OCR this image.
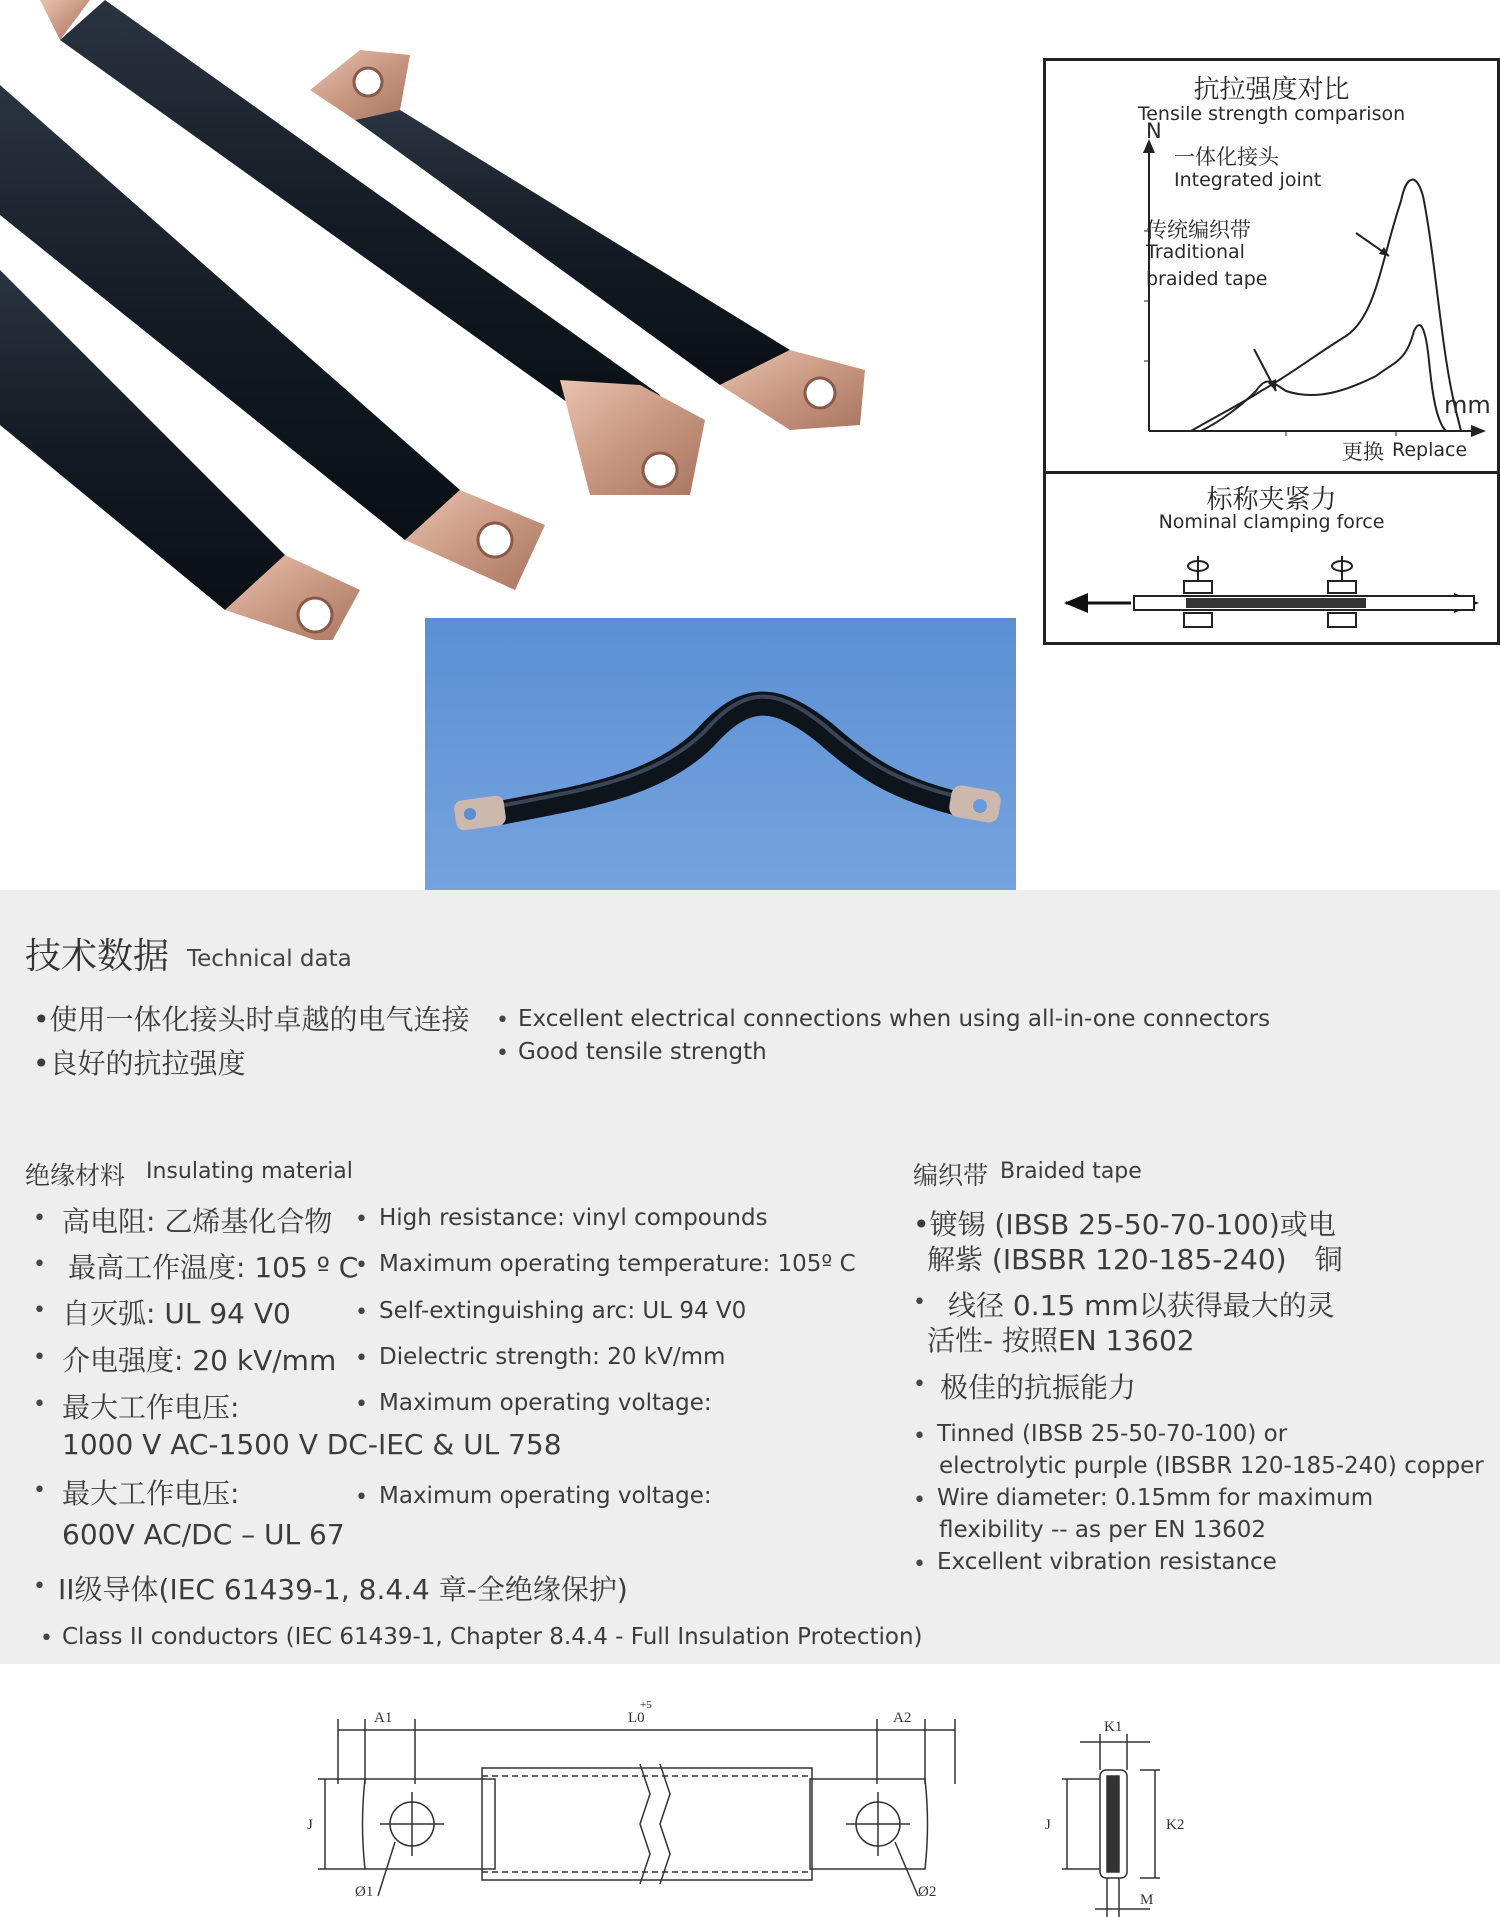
抗拉强度对比
Tensile strength comparison
N
一体化接头
Integrated joint
传统编织带
Traditional
braided tape
mm
更换 Replace
标称夹紧力
Nominal clamping force
技术数据 Technical data
•使用一体化接头时卓越的电气连接
•良好的抗拉强度
• Excellent electrical connections when using all-in-one connectors
• Good tensile strength
绝缘材料 Insulating material
• 高电阻: 乙烯基化合物
• 最高工作温度: 105 º C
• 自灭弧: UL 94 V0
• 介电强度: 20 kV/mm
• 最大工作电压:
1000 V AC-1500 V DC-IEC & UL 758
• 最大工作电压:
600V AC/DC – UL 67
• II级导体(IEC 61439-1, 8.4.4 章-全绝缘保护)
• High resistance: vinyl compounds
• Maximum operating temperature: 105º C
• Self-extinguishing arc: UL 94 V0
• Dielectric strength: 20 kV/mm
• Maximum operating voltage:
• Maximum operating voltage:
• Class II conductors (IEC 61439-1, Chapter 8.4.4 - Full Insulation Protection)
编织带 Braided tape
•镀锡 (IBSB 25-50-70-100)或电
解紫 (IBSBR 120-185-240)　铜
• 线径 0.15 mm以获得最大的灵
活性- 按照EN 13602
• 极佳的抗振能力
• Tinned (IBSB 25-50-70-100) or
electrolytic purple (IBSBR 120-185-240) copper
• Wire diameter: 0.15mm for maximum
flexibility -- as per EN 13602
• Excellent vibration resistance
A1	L0
+5
A2
J
Ø1	Ø2
K1
K2
J
M
